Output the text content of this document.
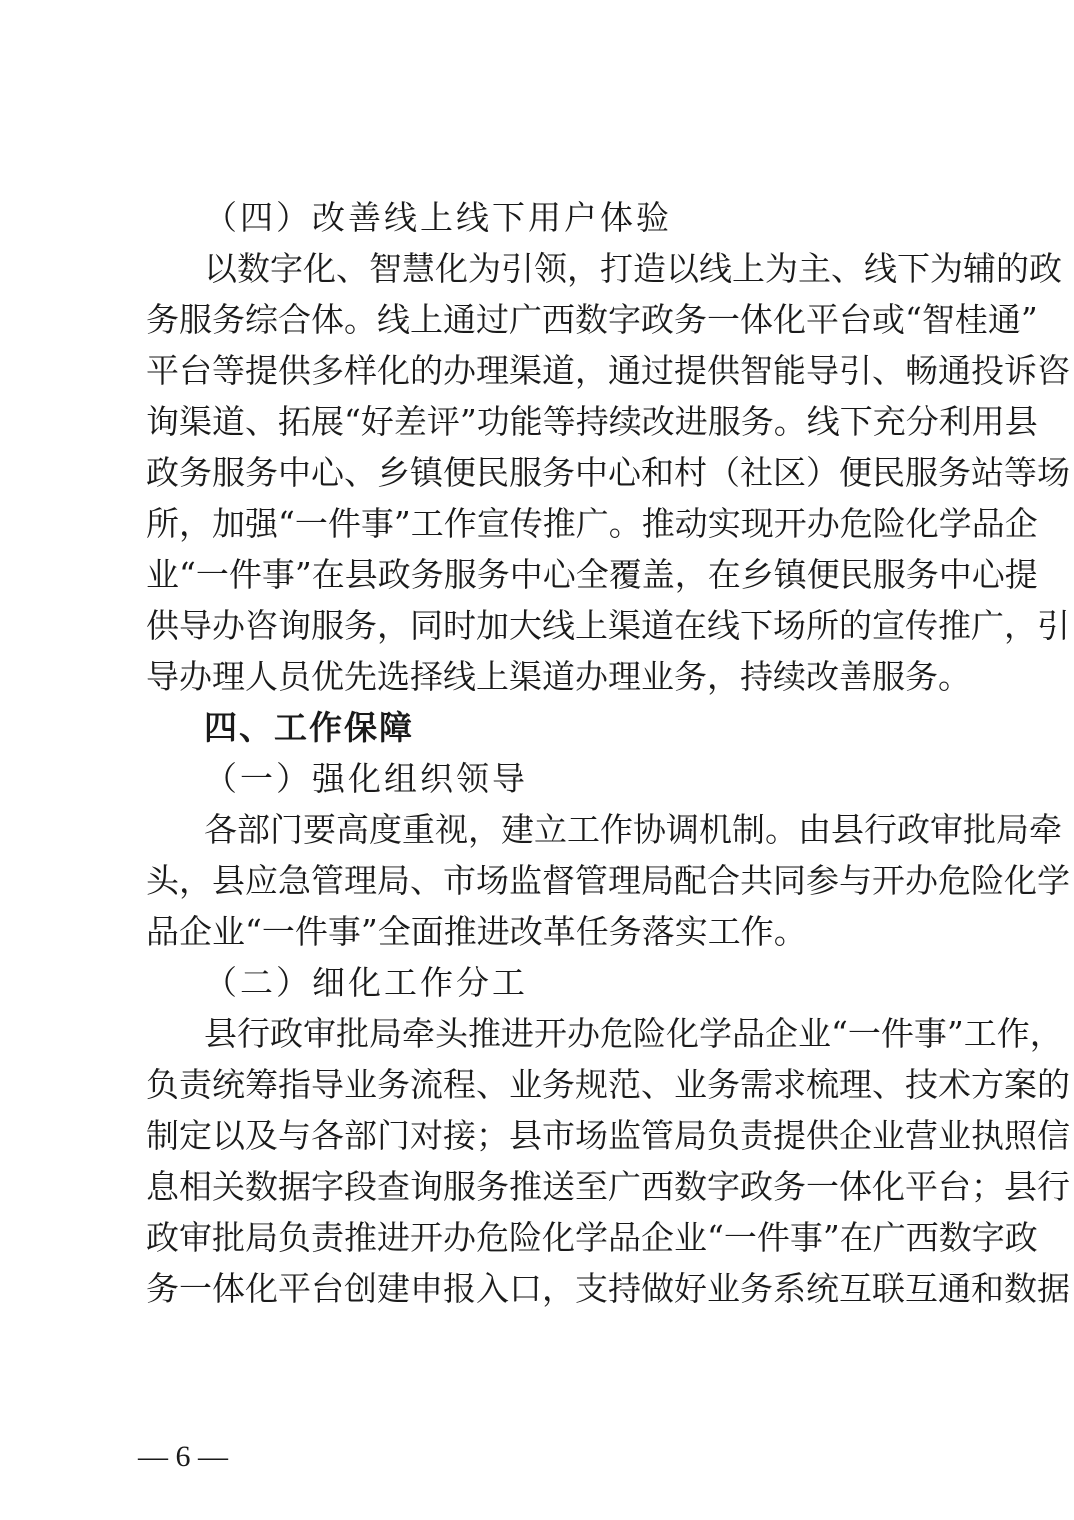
（四）改善线上线下用户体验
以数字化、智慧化为引领，打造以线上为主、线下为辅的政
务服务综合体。线上通过广西数字政务一体化平台或“智桂通”
平台等提供多样化的办理渠道，通过提供智能导引、畅通投诉咨
询渠道、拓展“好差评”功能等持续改进服务。线下充分利用县
政务服务中心、乡镇便民服务中心和村（社区）便民服务站等场
所，加强“一件事”工作宣传推广。推动实现开办危险化学品企
业“一件事”在县政务服务中心全覆盖，在乡镇便民服务中心提
供导办咨询服务，同时加大线上渠道在线下场所的宣传推广，引
导办理人员优先选择线上渠道办理业务，持续改善服务。
四、工作保障
（一）强化组织领导
各部门要高度重视，建立工作协调机制。由县行政审批局牵
头，县应急管理局、市场监督管理局配合共同参与开办危险化学
品企业“一件事”全面推进改革任务落实工作。
（二）细化工作分工
县行政审批局牵头推进开办危险化学品企业“一件事”工作，
负责统筹指导业务流程、业务规范、业务需求梳理、技术方案的
制定以及与各部门对接；县市场监管局负责提供企业营业执照信
息相关数据字段查询服务推送至广西数字政务一体化平台；县行
政审批局负责推进开办危险化学品企业“一件事”在广西数字政
务一体化平台创建申报入口，支持做好业务系统互联互通和数据
— 6 —
